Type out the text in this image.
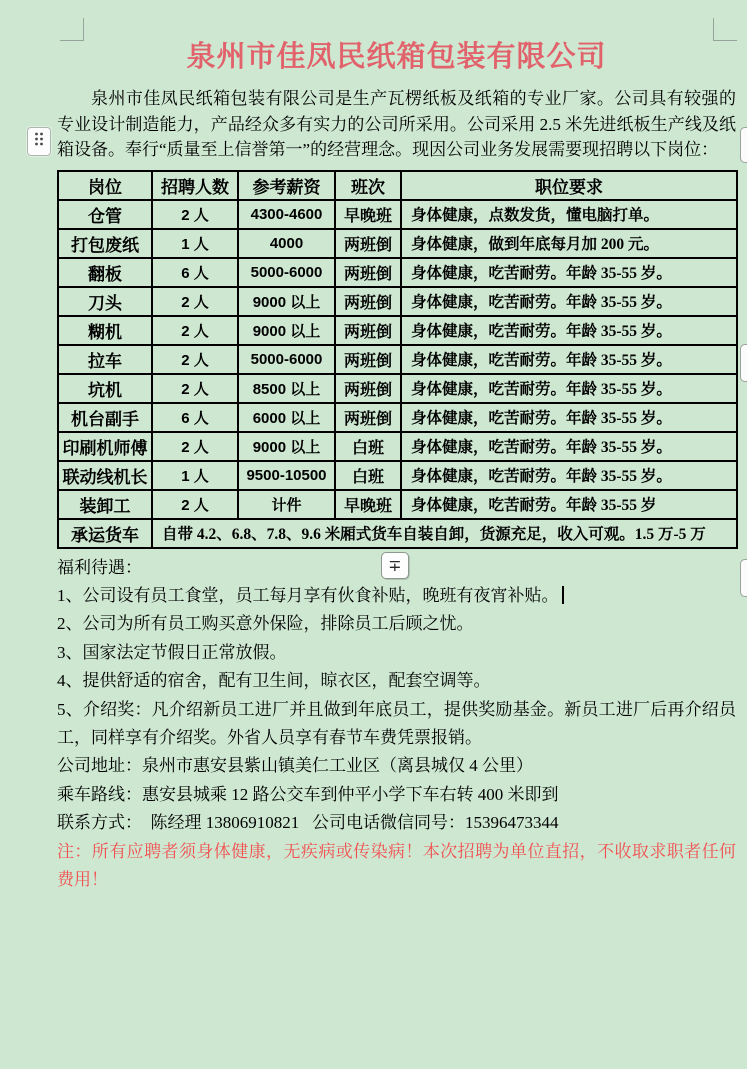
∓
泉州市佳凤民纸箱包装有限公司

泉州市佳凤民纸箱包装有限公司是生产瓦楞纸板及纸箱的专业厂家。公司具有较强的专业设计制造能力，产品经众多有实力的公司所采用。公司采用 2.5 米先进纸板生产线及纸箱设备。奉行“质量至上信誉第一”的经营理念。现因公司业务发展需要现招聘以下岗位：

岗位	招聘人数	参考薪资	班次	职位要求
仓管	2 人	4300-4600	早晚班	身体健康，点数发货，懂电脑打单。
打包废纸	1 人	4000	两班倒	身体健康，做到年底每月加 200 元。
翻板	6 人	5000-6000	两班倒	身体健康，吃苦耐劳。年龄 35-55 岁。
刀头	2 人	9000 以上	两班倒	身体健康，吃苦耐劳。年龄 35-55 岁。
糊机	2 人	9000 以上	两班倒	身体健康，吃苦耐劳。年龄 35-55 岁。
拉车	2 人	5000-6000	两班倒	身体健康，吃苦耐劳。年龄 35-55 岁。
坑机	2 人	8500 以上	两班倒	身体健康，吃苦耐劳。年龄 35-55 岁。
机台副手	6 人	6000 以上	两班倒	身体健康，吃苦耐劳。年龄 35-55 岁。
印刷机师傅	2 人	9000 以上	白班	身体健康，吃苦耐劳。年龄 35-55 岁。
联动线机长	1 人	9500-10500	白班	身体健康，吃苦耐劳。年龄 35-55 岁。
装卸工	2 人	计件	早晚班	身体健康，吃苦耐劳。年龄 35-55 岁
承运货车	自带 4.2、6.8、7.8、9.6 米厢式货车自装自卸，货源充足，收入可观。1.5 万-5 万			

福利待遇：

1、公司设有员工食堂，员工每月享有伙食补贴，晚班有夜宵补贴。

2、公司为所有员工购买意外保险，排除员工后顾之忧。

3、国家法定节假日正常放假。

4、提供舒适的宿舍，配有卫生间，晾衣区，配套空调等。

5、介绍奖：凡介绍新员工进厂并且做到年底员工，提供奖励基金。新员工进厂后再介绍员工，同样享有介绍奖。外省人员享有春节车费凭票报销。

公司地址：泉州市惠安县紫山镇美仁工业区（离县城仅 4 公里）

乘车路线：惠安县城乘 12 路公交车到仲平小学下车右转 400 米即到

联系方式：  陈经理 13806910821   公司电话微信同号：15396473344

注：所有应聘者须身体健康，无疾病或传染病！本次招聘为单位直招，不收取求职者任何费用！
